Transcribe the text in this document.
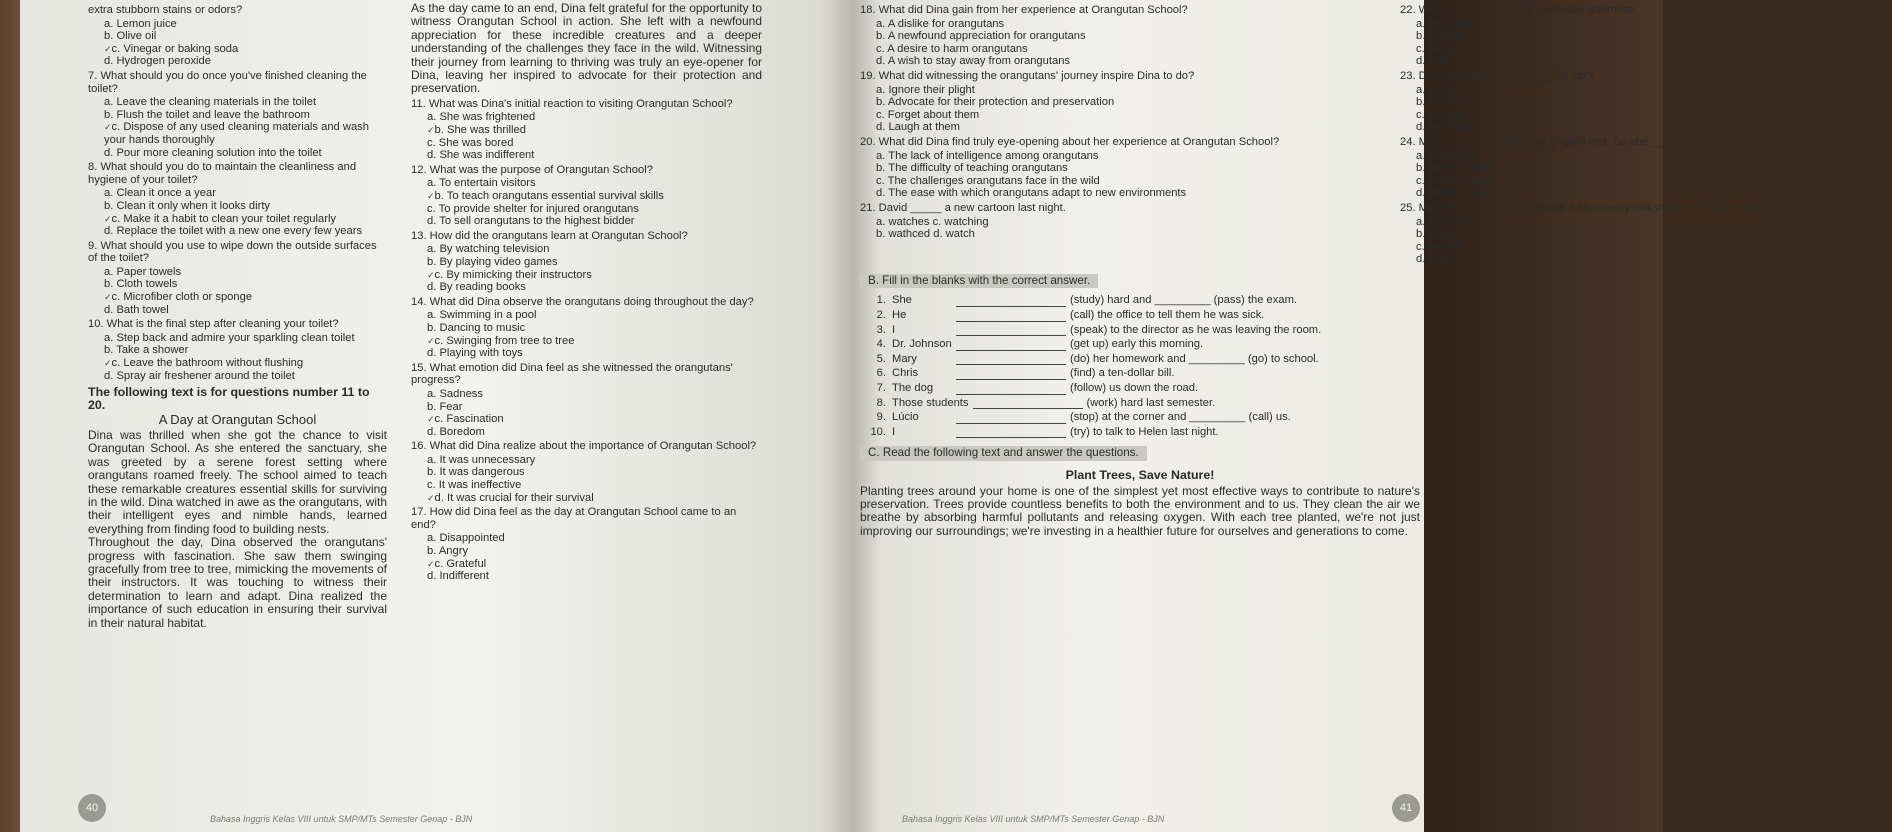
extra stubborn stains or odors?
a. Lemon juice
b. Olive oil
✓ c. Vinegar or baking soda
d. Hydrogen peroxide
7. What should you do once you've finished cleaning the toilet?
a. Leave the cleaning materials in the toilet
b. Flush the toilet and leave the bathroom
✓ c. Dispose of any used cleaning materials and wash your hands thoroughly
d. Pour more cleaning solution into the toilet
8. What should you do to maintain the cleanliness and hygiene of your toilet?
a. Clean it once a year
b. Clean it only when it looks dirty
✓ c. Make it a habit to clean your toilet regularly
d. Replace the toilet with a new one every few years
9. What should you use to wipe down the outside surfaces of the toilet?
a. Paper towels
b. Cloth towels
✓ c. Microfiber cloth or sponge
d. Bath towel
10. What is the final step after cleaning your toilet?
a. Step back and admire your sparkling clean toilet
b. Take a shower
✓ c. Leave the bathroom without flushing
d. Spray air freshener around the toilet
The following text is for questions number 11 to 20.
A Day at Orangutan School
Dina was thrilled when she got the chance to visit Orangutan School. As she entered the sanctuary, she was greeted by a serene forest setting where orangutans roamed freely. The school aimed to teach these remarkable creatures essential skills for surviving in the wild. Dina watched in awe as the orangutans, with their intelligent eyes and nimble hands, learned everything from finding food to building nests.
Throughout the day, Dina observed the orangutans' progress with fascination. She saw them swinging gracefully from tree to tree, mimicking the movements of their instructors. It was touching to witness their determination to learn and adapt. Dina realized the importance of such education in ensuring their survival in their natural habitat.
As the day came to an end, Dina felt grateful for the opportunity to witness Orangutan School in action. She left with a newfound appreciation for these incredible creatures and a deeper understanding of the challenges they face in the wild. Witnessing their journey from learning to thriving was truly an eye-opener for Dina, leaving her inspired to advocate for their protection and preservation.
11. What was Dina's initial reaction to visiting Orangutan School?
a. She was frightened
✓ b. She was thrilled
c. She was bored
d. She was indifferent
12. What was the purpose of Orangutan School?
a. To entertain visitors
✓ b. To teach orangutans essential survival skills
c. To provide shelter for injured orangutans
d. To sell orangutans to the highest bidder
13. How did the orangutans learn at Orangutan School?
a. By watching television
b. By playing video games
✓ c. By mimicking their instructors
d. By reading books
14. What did Dina observe the orangutans doing throughout the day?
a. Swimming in a pool
b. Dancing to music
✓ c. Swinging from tree to tree
d. Playing with toys
15. What emotion did Dina feel as she witnessed the orangutans' progress?
a. Sadness
b. Fear
✓ c. Fascination
d. Boredom
16. What did Dina realize about the importance of Orangutan School?
a. It was unnecessary
b. It was dangerous
c. It was ineffective
✓ d. It was crucial for their survival
17. How did Dina feel as the day at Orangutan School came to an end?
a. Disappointed
b. Angry
✓ c. Grateful
d. Indifferent
40
Bahasa Inggris Kelas VIII untuk SMP/MTs Semester Genap - BJN
18. What did Dina gain from her experience at Orangutan School?
a. A dislike for orangutans
b. A newfound appreciation for orangutans
c. A desire to harm orangutans
d. A wish to stay away from orangutans
19. What did witnessing the orangutans' journey inspire Dina to do?
a. Ignore their plight
b. Advocate for their protection and preservation
c. Forget about them
d. Laugh at them
20. What did Dina find truly eye-opening about her experience at Orangutan School?
a. The lack of intelligence among orangutans
b. The difficulty of teaching orangutans
c. The challenges orangutans face in the wild
d. The ease with which orangutans adapt to new environments
21. David _____ a new cartoon last night.
a. watches c. watching
b. wathced d. watch
22. We _________ football yesterday afternoon.
a. was played
b. playing
c. played
d. play
23. Did your father _________ his car?
a. wash
b. washed
c. washes
d. washing
24. Milly _________ study for English test. So she _________
a. didn't / fail
b. aren't / failed
c. wasn't / failed
d. didn't / failed
25. My sister _________ to make a strawberry milkshake, but she couldn't.
a. was want
b. wants
c. wanted
d. want
B. Fill in the blanks with the correct answer.
1. She	(study) hard and _________ (pass) the exam.
2. He	(call) the office to tell them he was sick.
3. I	(speak) to the director as he was leaving the room.
4. Dr. Johnson	(get up) early this morning.
5. Mary	(do) her homework and _________ (go) to school.
6. Chris	(find) a ten-dollar bill.
7. The dog	(follow) us down the road.
8. Those students	(work) hard last semester.
9. Lúcio	(stop) at the corner and _________ (call) us.
10. I	(try) to talk to Helen last night.
C. Read the following text and answer the questions.
Plant Trees, Save Nature!
Planting trees around your home is one of the simplest yet most effective ways to contribute to nature's preservation. Trees provide countless benefits to both the environment and to us. They clean the air we breathe by absorbing harmful pollutants and releasing oxygen. With each tree planted, we're not just improving our surroundings; we're investing in a healthier future for ourselves and generations to come.
Bahasa Inggris Kelas VIII untuk SMP/MTs Semester Genap - BJN
41
